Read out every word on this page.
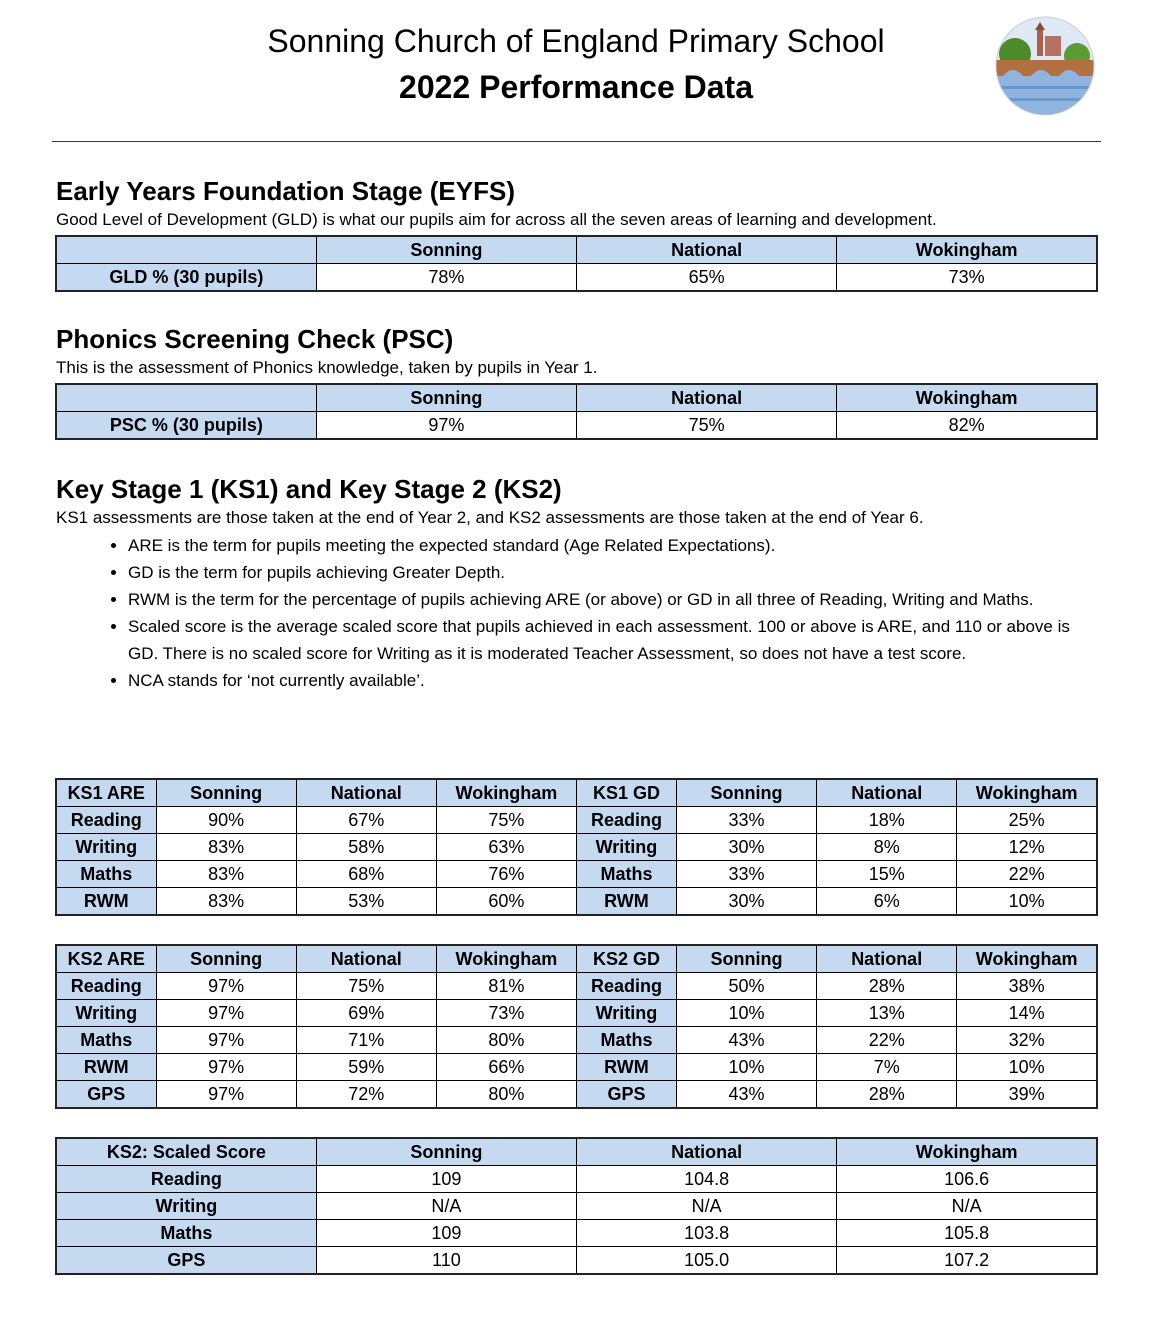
Sonning Church of England Primary School
2022 Performance Data
Early Years Foundation Stage (EYFS)

Good Level of Development (GLD) is what our pupils aim for across all the seven areas of learning and development.

	Sonning	National	Wokingham
GLD % (30 pupils)	78%	65%	73%
Phonics Screening Check (PSC)

This is the assessment of Phonics knowledge, taken by pupils in Year 1.

	Sonning	National	Wokingham
PSC % (30 pupils)	97%	75%	82%
Key Stage 1 (KS1) and Key Stage 2 (KS2)

KS1 assessments are those taken at the end of Year 2, and KS2 assessments are those taken at the end of Year 6.

• ARE is the term for pupils meeting the expected standard (Age Related Expectations).
• GD is the term for pupils achieving Greater Depth.
• RWM is the term for the percentage of pupils achieving ARE (or above) or GD in all three of Reading, Writing and Maths.
• Scaled score is the average scaled score that pupils achieved in each assessment. 100 or above is ARE, and 110 or above is GD. There is no scaled score for Writing as it is moderated Teacher Assessment, so does not have a test score.
• NCA stands for ‘not currently available’.
KS1 ARE	Sonning	National	Wokingham	KS1 GD	Sonning	National	Wokingham
Reading	90%	67%	75%	Reading	33%	18%	25%
Writing	83%	58%	63%	Writing	30%	8%	12%
Maths	83%	68%	76%	Maths	33%	15%	22%
RWM	83%	53%	60%	RWM	30%	6%	10%
KS2 ARE	Sonning	National	Wokingham	KS2 GD	Sonning	National	Wokingham
Reading	97%	75%	81%	Reading	50%	28%	38%
Writing	97%	69%	73%	Writing	10%	13%	14%
Maths	97%	71%	80%	Maths	43%	22%	32%
RWM	97%	59%	66%	RWM	10%	7%	10%
GPS	97%	72%	80%	GPS	43%	28%	39%
KS2: Scaled Score	Sonning	National	Wokingham
Reading	109	104.8	106.6
Writing	N/A	N/A	N/A
Maths	109	103.8	105.8
GPS	110	105.0	107.2
